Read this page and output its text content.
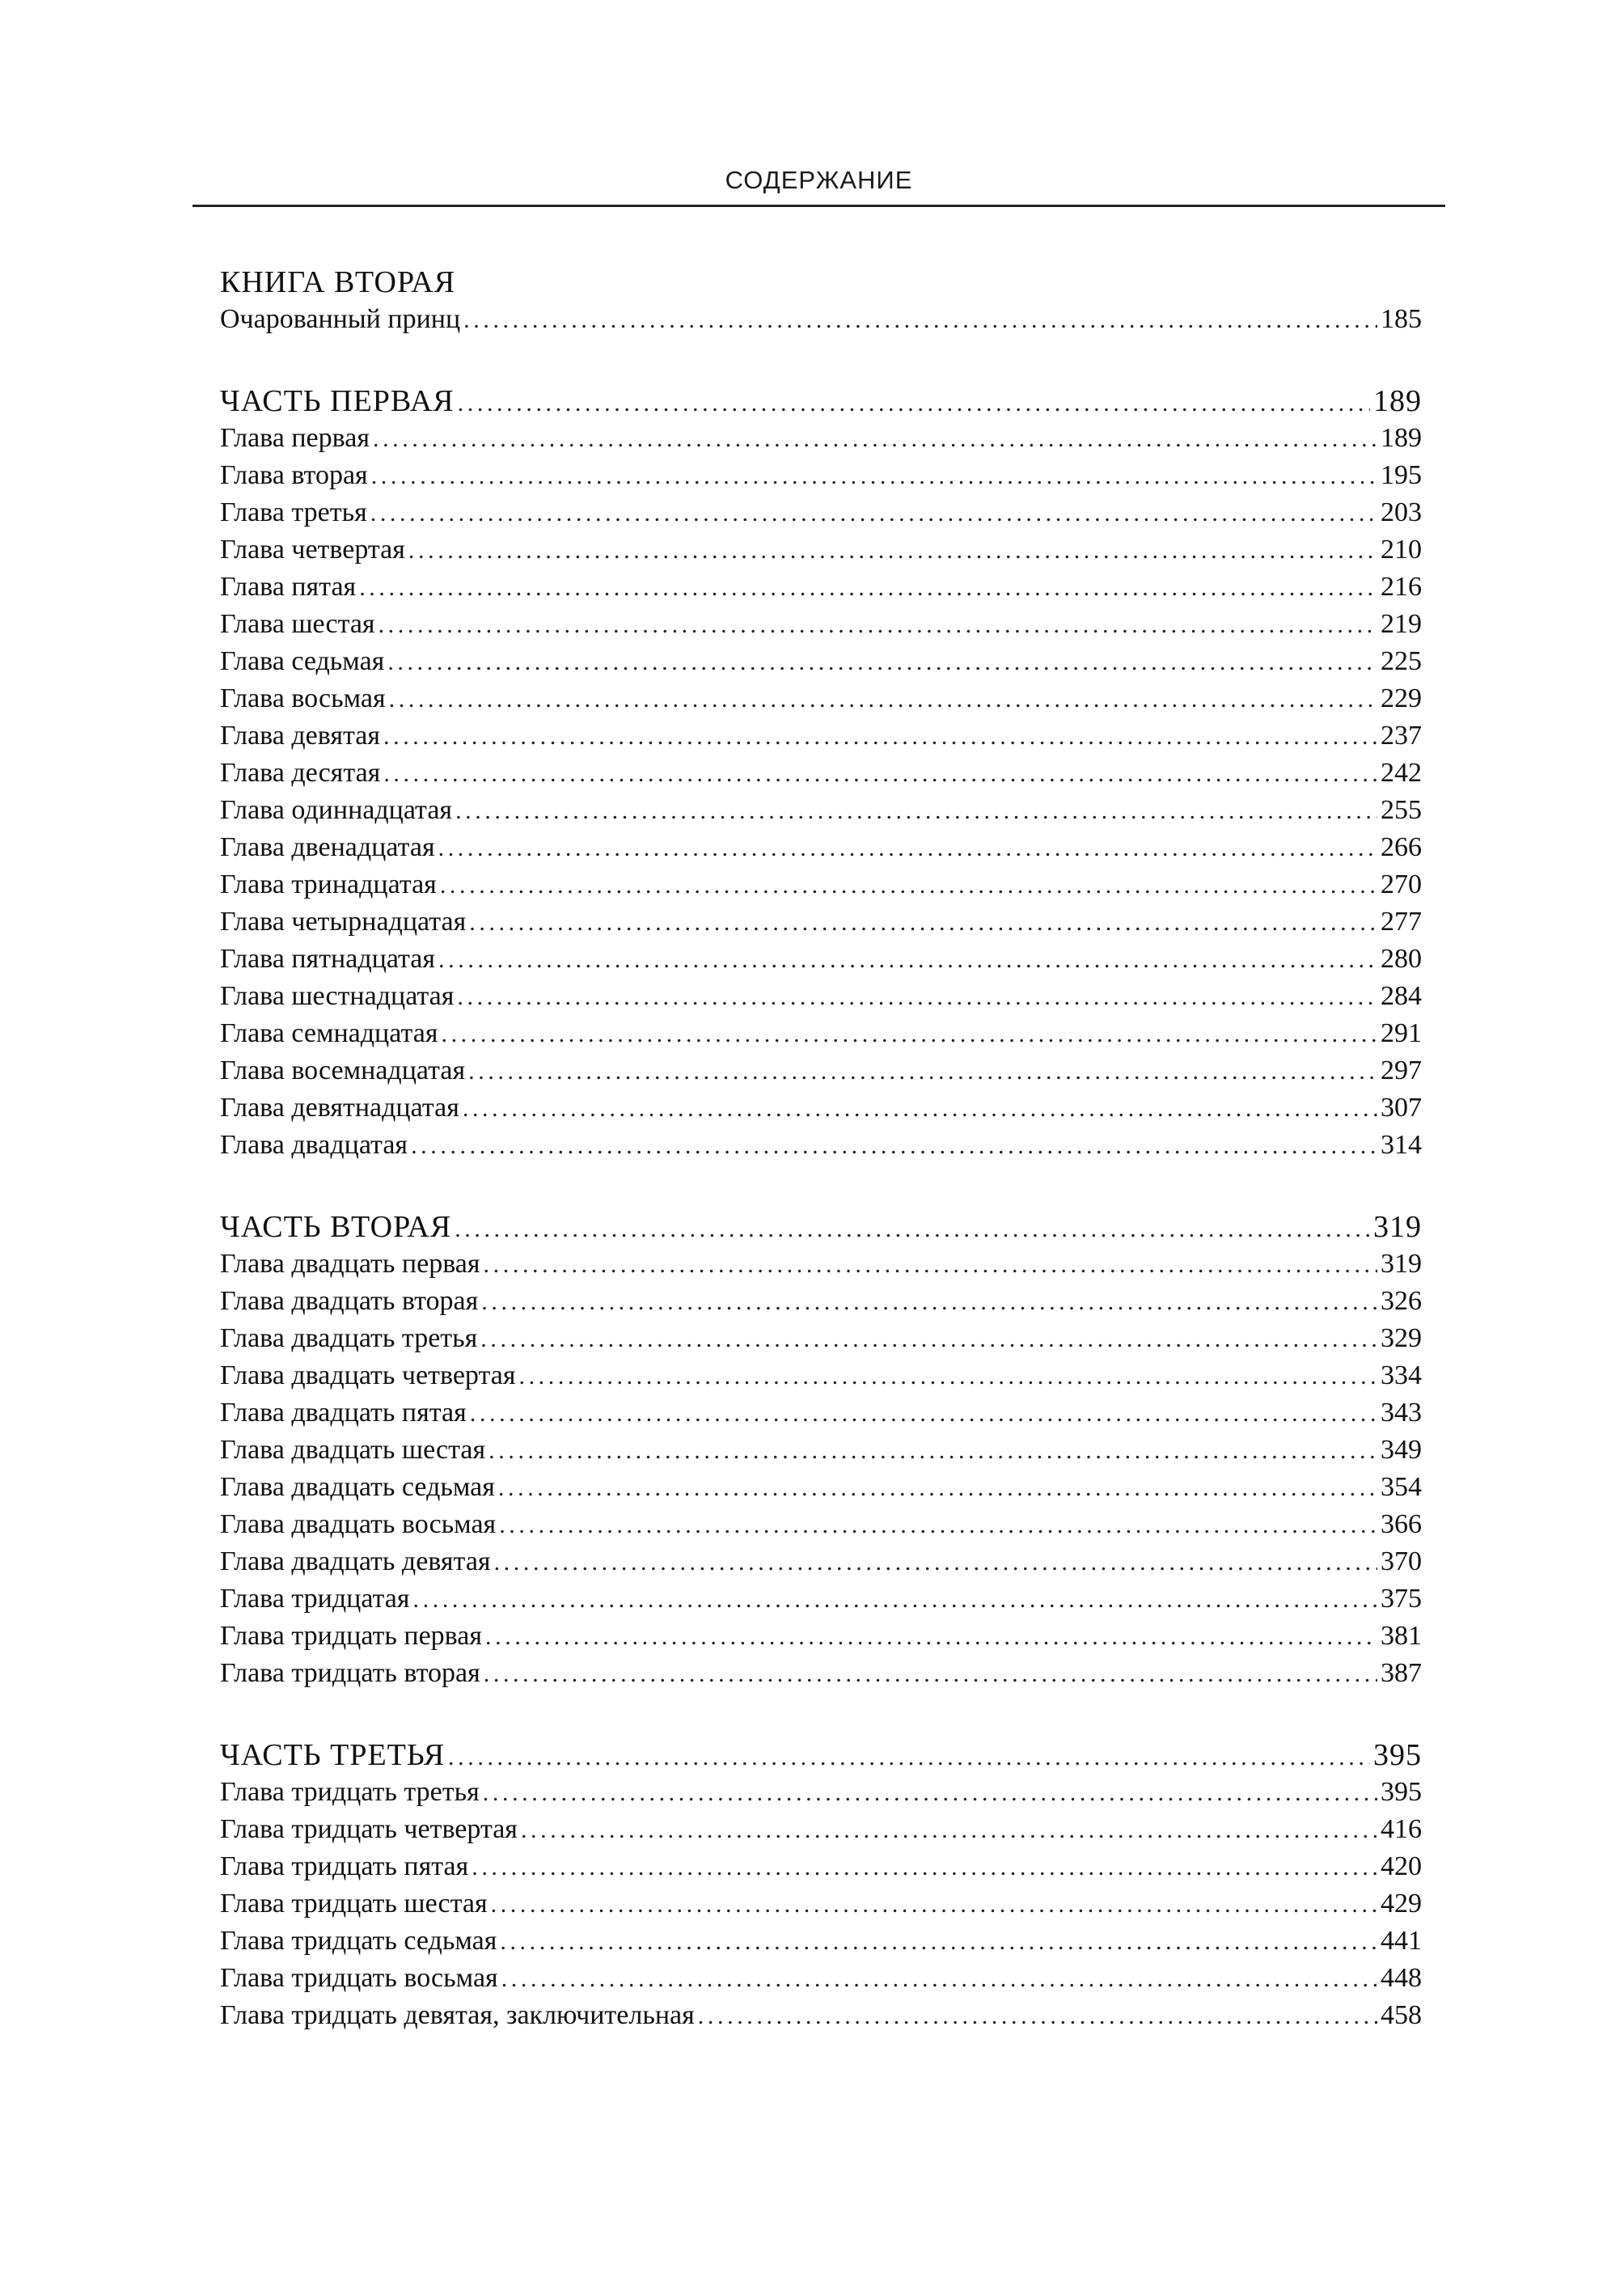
СОДЕРЖАНИЕ
КНИГА ВТОРАЯ
Очарованный принц .....	185
ЧАСТЬ ПЕРВАЯ .....	189
Глава первая .....	189
Глава вторая .....	195
Глава третья .....	203
Глава четвертая .....	210
Глава пятая .....	216
Глава шестая .....	219
Глава седьмая .....	225
Глава восьмая .....	229
Глава девятая .....	237
Глава десятая .....	242
Глава одиннадцатая .....	255
Глава двенадцатая .....	266
Глава тринадцатая .....	270
Глава четырнадцатая .....	277
Глава пятнадцатая .....	280
Глава шестнадцатая .....	284
Глава семнадцатая .....	291
Глава восемнадцатая .....	297
Глава девятнадцатая .....	307
Глава двадцатая .....	314
ЧАСТЬ ВТОРАЯ .....	319
Глава двадцать первая .....	319
Глава двадцать вторая .....	326
Глава двадцать третья .....	329
Глава двадцать четвертая .....	334
Глава двадцать пятая .....	343
Глава двадцать шестая .....	349
Глава двадцать седьмая .....	354
Глава двадцать восьмая .....	366
Глава двадцать девятая .....	370
Глава тридцатая .....	375
Глава тридцать первая .....	381
Глава тридцать вторая .....	387
ЧАСТЬ ТРЕТЬЯ .....	395
Глава тридцать третья .....	395
Глава тридцать четвертая .....	416
Глава тридцать пятая .....	420
Глава тридцать шестая .....	429
Глава тридцать седьмая .....	441
Глава тридцать восьмая .....	448
Глава тридцать девятая, заключительная .....	458
